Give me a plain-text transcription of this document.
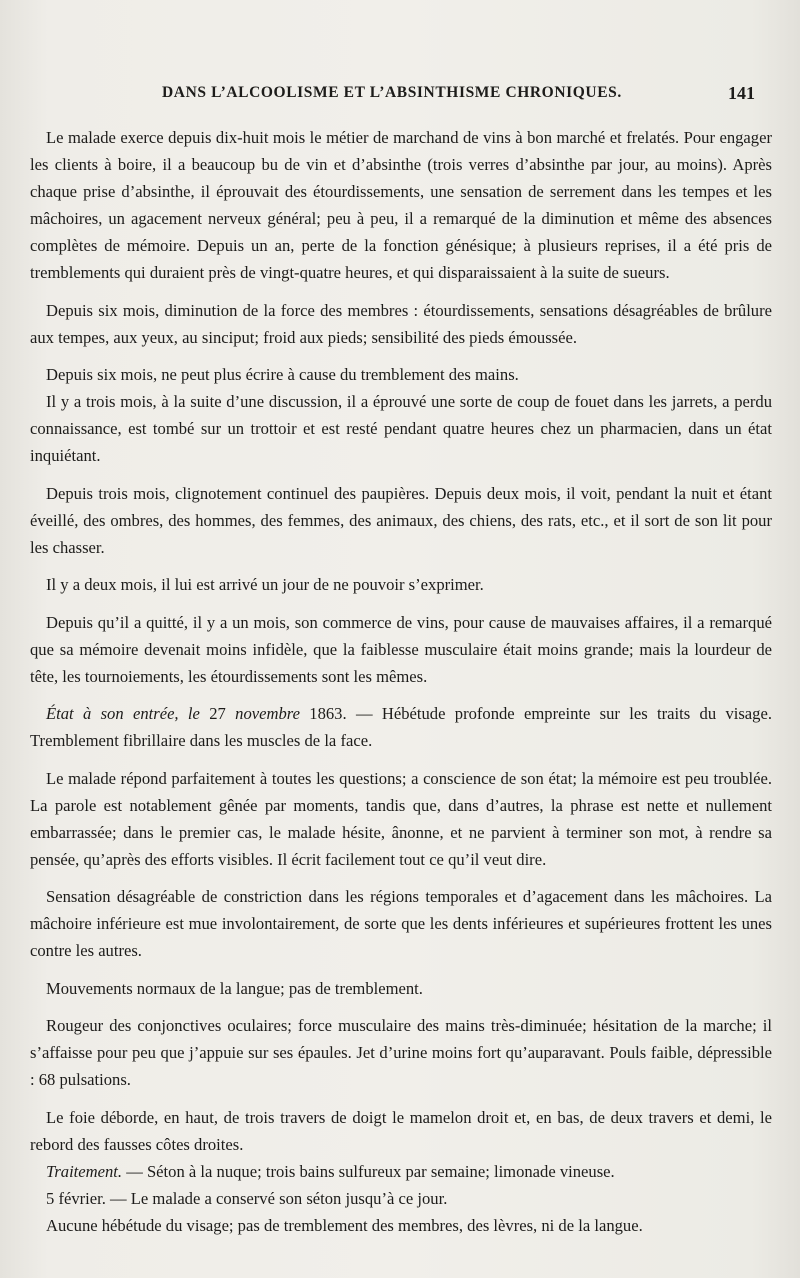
DANS L’ALCOOLISME ET L’ABSINTHISME CHRONIQUES.	141

Le malade exerce depuis dix-huit mois le métier de marchand de vins à bon marché et frelatés. Pour engager les clients à boire, il a beaucoup bu de vin et d’absinthe (trois verres d’absinthe par jour, au moins). Après chaque prise d’absinthe, il éprouvait des étourdissements, une sensation de serrement dans les tempes et les mâchoires, un agacement nerveux général; peu à peu, il a remarqué de la diminution et même des absences complètes de mémoire. Depuis un an, perte de la fonction génésique; à plusieurs reprises, il a été pris de tremblements qui duraient près de vingt-quatre heures, et qui disparaissaient à la suite de sueurs.

Depuis six mois, diminution de la force des membres : étourdissements, sensations désagréables de brûlure aux tempes, aux yeux, au sinciput; froid aux pieds; sensibilité des pieds émoussée.

Depuis six mois, ne peut plus écrire à cause du tremblement des mains.

Il y a trois mois, à la suite d’une discussion, il a éprouvé une sorte de coup de fouet dans les jarrets, a perdu connaissance, est tombé sur un trottoir et est resté pendant quatre heures chez un pharmacien, dans un état inquiétant.

Depuis trois mois, clignotement continuel des paupières. Depuis deux mois, il voit, pendant la nuit et étant éveillé, des ombres, des hommes, des femmes, des animaux, des chiens, des rats, etc., et il sort de son lit pour les chasser.

Il y a deux mois, il lui est arrivé un jour de ne pouvoir s’exprimer.

Depuis qu’il a quitté, il y a un mois, son commerce de vins, pour cause de mauvaises affaires, il a remarqué que sa mémoire devenait moins infidèle, que la faiblesse musculaire était moins grande; mais la lourdeur de tête, les tournoiements, les étourdissements sont les mêmes.

État à son entrée, le 27 novembre 1863. — Hébétude profonde empreinte sur les traits du visage. Tremblement fibrillaire dans les muscles de la face.

Le malade répond parfaitement à toutes les questions; a conscience de son état; la mémoire est peu troublée. La parole est notablement gênée par moments, tandis que, dans d’autres, la phrase est nette et nullement embarrassée; dans le premier cas, le malade hésite, ânonne, et ne parvient à terminer son mot, à rendre sa pensée, qu’après des efforts visibles. Il écrit facilement tout ce qu’il veut dire.

Sensation désagréable de constriction dans les régions temporales et d’agacement dans les mâchoires. La mâchoire inférieure est mue involontairement, de sorte que les dents inférieures et supérieures frottent les unes contre les autres.

Mouvements normaux de la langue; pas de tremblement.

Rougeur des conjonctives oculaires; force musculaire des mains très-diminuée; hésitation de la marche; il s’affaisse pour peu que j’appuie sur ses épaules. Jet d’urine moins fort qu’auparavant. Pouls faible, dépressible : 68 pulsations.

Le foie déborde, en haut, de trois travers de doigt le mamelon droit et, en bas, de deux travers et demi, le rebord des fausses côtes droites.

Traitement. — Séton à la nuque; trois bains sulfureux par semaine; limonade vineuse.

5 février. — Le malade a conservé son séton jusqu’à ce jour.

Aucune hébétude du visage; pas de tremblement des membres, des lèvres, ni de la langue.
